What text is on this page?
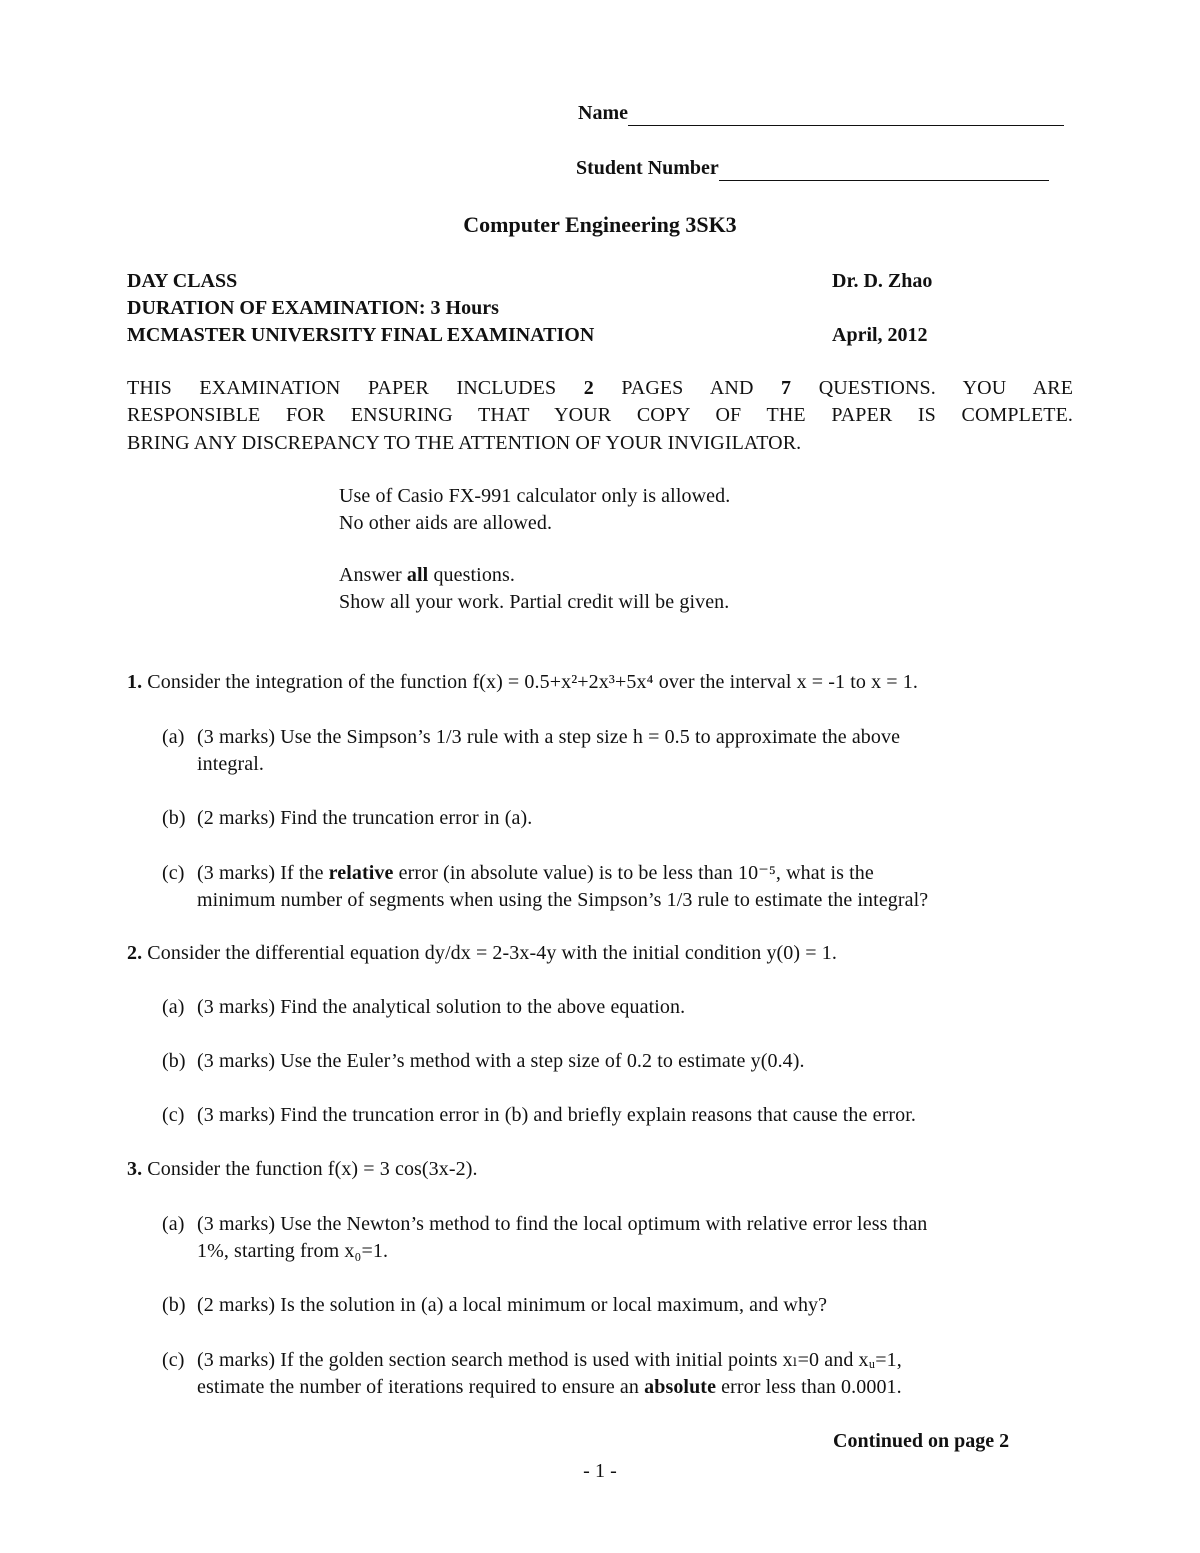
Name
Student Number
Computer Engineering 3SK3
DAY CLASS	Dr. D. Zhao
DURATION OF EXAMINATION: 3 Hours
MCMASTER UNIVERSITY FINAL EXAMINATION	April, 2012
THIS EXAMINATION PAPER INCLUDES 2 PAGES AND 7 QUESTIONS. YOU ARE
RESPONSIBLE FOR ENSURING THAT YOUR COPY OF THE PAPER IS COMPLETE.
BRING ANY DISCREPANCY TO THE ATTENTION OF YOUR INVIGILATOR.
Use of Casio FX-991 calculator only is allowed.
No other aids are allowed.
Answer all questions.
Show all your work. Partial credit will be given.
1. Consider the integration of the function f(x) = 0.5+x²+2x³+5x⁴ over the interval x = -1 to x = 1.
(a) (3 marks) Use the Simpson’s 1/3 rule with a step size h = 0.5 to approximate the above
integral.
(b) (2 marks) Find the truncation error in (a).
(c) (3 marks) If the relative error (in absolute value) is to be less than 10⁻⁵, what is the
minimum number of segments when using the Simpson’s 1/3 rule to estimate the integral?
2. Consider the differential equation dy/dx = 2-3x-4y with the initial condition y(0) = 1.
(a) (3 marks) Find the analytical solution to the above equation.
(b) (3 marks) Use the Euler’s method with a step size of 0.2 to estimate y(0.4).
(c) (3 marks) Find the truncation error in (b) and briefly explain reasons that cause the error.
3. Consider the function f(x) = 3 cos(3x-2).
(a) (3 marks) Use the Newton’s method to find the local optimum with relative error less than
1%, starting from x₀=1.
(b) (2 marks) Is the solution in (a) a local minimum or local maximum, and why?
(c) (3 marks) If the golden section search method is used with initial points xₗ=0 and xᵤ=1,
estimate the number of iterations required to ensure an absolute error less than 0.0001.
Continued on page 2
- 1 -
